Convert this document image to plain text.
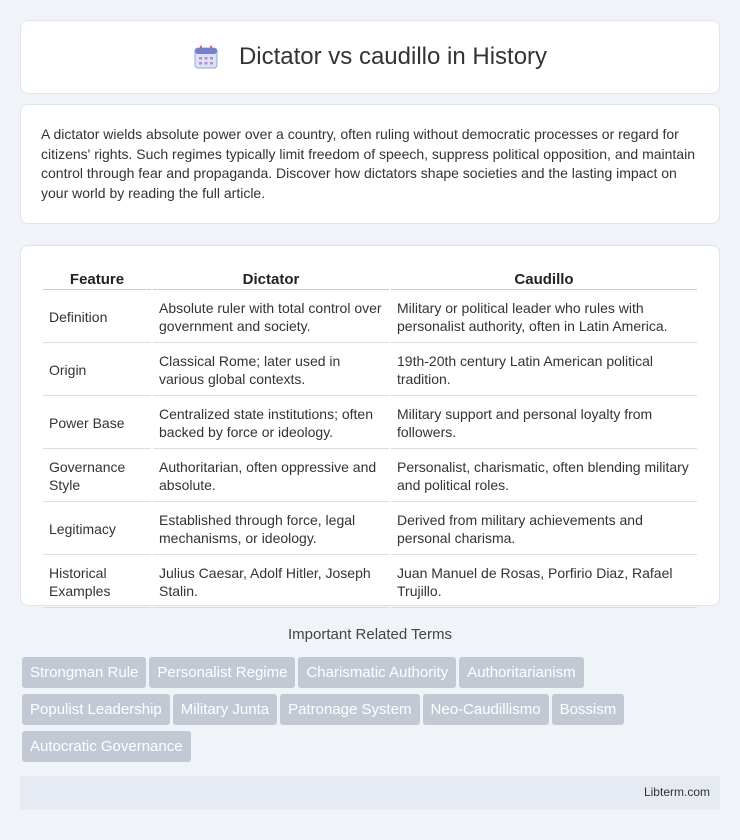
Dictator vs caudillo in History

A dictator wields absolute power over a country, often ruling without democratic processes or regard for citizens' rights. Such regimes typically limit freedom of speech, suppress political opposition, and maintain control through fear and propaganda. Discover how dictators shape societies and the lasting impact on your world by reading the full article.

Feature	Dictator	Caudillo
Definition	Absolute ruler with total control over government and society.	Military or political leader who rules with personalist authority, often in Latin America.
Origin	Classical Rome; later used in various global contexts.	19th-20th century Latin American political tradition.
Power Base	Centralized state institutions; often backed by force or ideology.	Military support and personal loyalty from followers.
Governance Style	Authoritarian, often oppressive and absolute.	Personalist, charismatic, often blending military and political roles.
Legitimacy	Established through force, legal mechanisms, or ideology.	Derived from military achievements and personal charisma.
Historical Examples	Julius Caesar, Adolf Hitler, Joseph Stalin.	Juan Manuel de Rosas, Porfirio Diaz, Rafael Trujillo.
Important Related Terms
Strongman Rule	Personalist Regime	Charismatic Authority	Authoritarianism
Populist Leadership	Military Junta	Patronage System	Neo-Caudillismo	Bossism
Autocratic Governance
Libterm.com
